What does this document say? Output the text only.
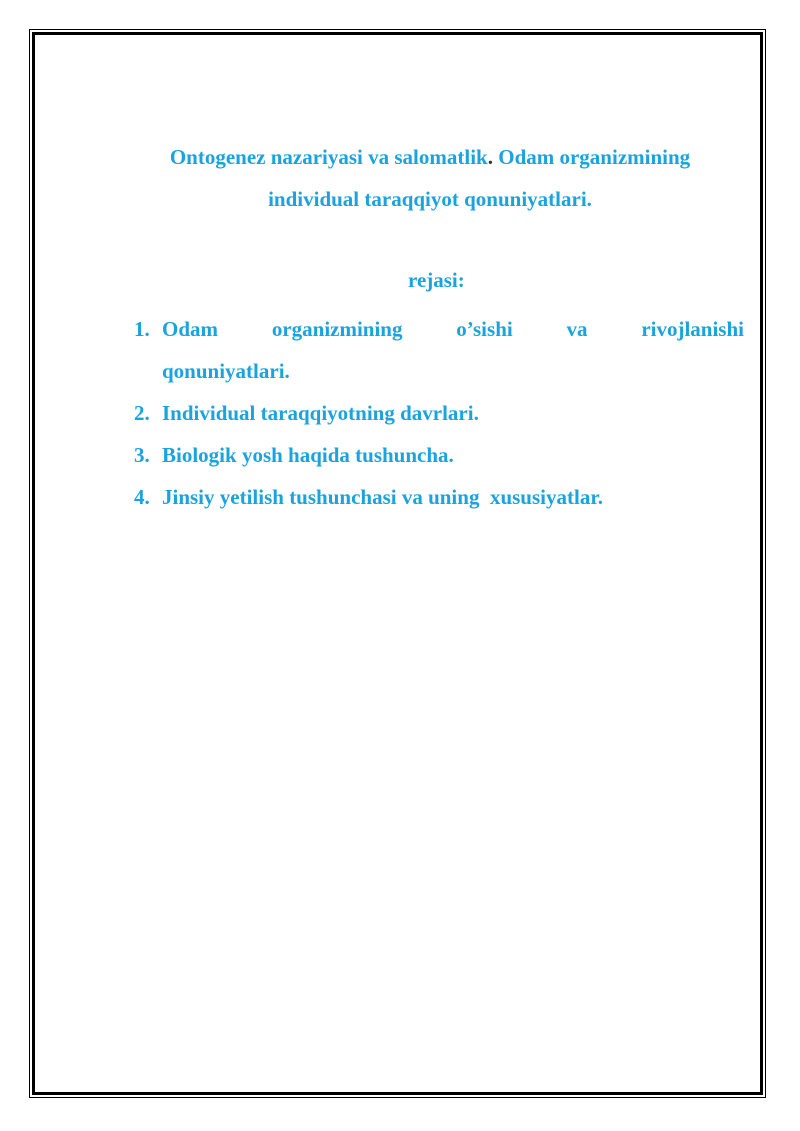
Ontogenez nazariyasi va salomatlik. Odam organizmining
individual taraqqiyot qonuniyatlari.
rejasi:
1. Odam	organizmining	o’sishi	va	rivojlanishi
qonuniyatlari.
2. Individual taraqqiyotning davrlari.
3. Biologik yosh haqida tushuncha.
4. Jinsiy yetilish tushunchasi va uning  xususiyatlar.
